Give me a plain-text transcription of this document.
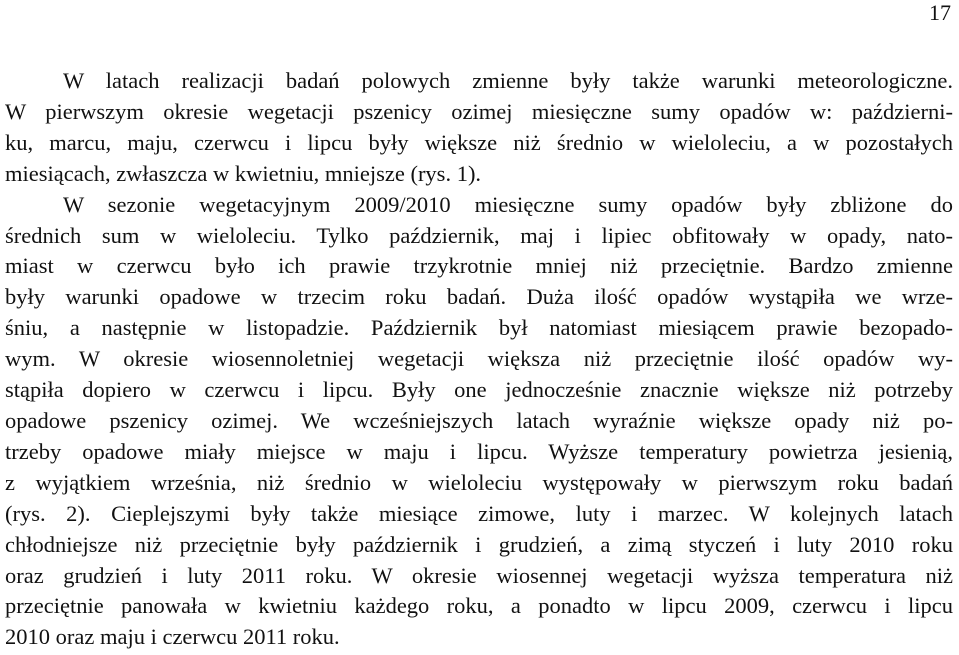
17
W latach realizacji badań polowych zmienne były także warunki meteorologiczne.
W pierwszym okresie wegetacji pszenicy ozimej miesięczne sumy opadów w: październi-
ku, marcu, maju, czerwcu i lipcu były większe niż średnio w wieloleciu, a w pozostałych
miesiącach, zwłaszcza w kwietniu, mniejsze (rys. 1).
W sezonie wegetacyjnym 2009/2010 miesięczne sumy opadów były zbliżone do
średnich sum w wieloleciu. Tylko październik, maj i lipiec obfitowały w opady, nato-
miast w czerwcu było ich prawie trzykrotnie mniej niż przeciętnie. Bardzo zmienne
były warunki opadowe w trzecim roku badań. Duża ilość opadów wystąpiła we wrze-
śniu, a następnie w listopadzie. Październik był natomiast miesiącem prawie bezopado-
wym. W okresie wiosennoletniej wegetacji większa niż przeciętnie ilość opadów wy-
stąpiła dopiero w czerwcu i lipcu. Były one jednocześnie znacznie większe niż potrzeby
opadowe pszenicy ozimej. We wcześniejszych latach wyraźnie większe opady niż po-
trzeby opadowe miały miejsce w maju i lipcu. Wyższe temperatury powietrza jesienią,
z wyjątkiem września, niż średnio w wieloleciu występowały w pierwszym roku badań
(rys. 2). Cieplejszymi były także miesiące zimowe, luty i marzec. W kolejnych latach
chłodniejsze niż przeciętnie były październik i grudzień, a zimą styczeń i luty 2010 roku
oraz grudzień i luty 2011 roku. W okresie wiosennej wegetacji wyższa temperatura niż
przeciętnie panowała w kwietniu każdego roku, a ponadto w lipcu 2009, czerwcu i lipcu
2010 oraz maju i czerwcu 2011 roku.
